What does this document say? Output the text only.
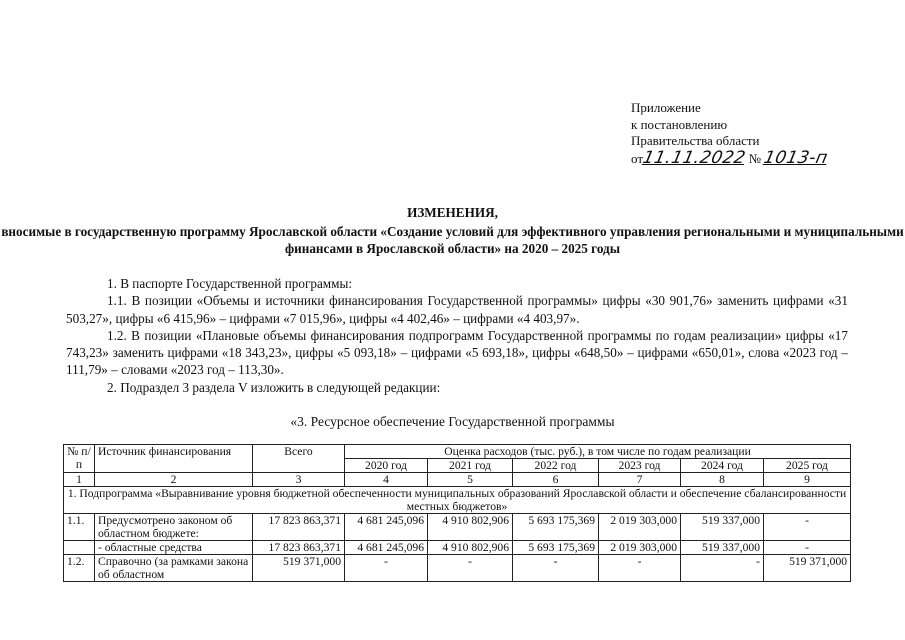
Приложение
к постановлению
Правительства области
от11.11.2022 № 1013-п
ИЗМЕНЕНИЯ,
вносимые в государственную программу Ярославской области «Создание условий для эффективного управления региональными и муниципальными финансами в Ярославской области» на 2020 – 2025 годы

1. В паспорте Государственной программы:

1.1. В позиции «Объемы и источники финансирования Государственной программы» цифры «30 901,76» заменить цифрами «31 503,27», цифры «6 415,96» – цифрами «7 015,96», цифры «4 402,46» – цифрами «4 403,97».

1.2. В позиции «Плановые объемы финансирования подпрограмм Государственной программы по годам реализации» цифры «17 743,23» заменить цифрами «18 343,23», цифры «5 093,18» – цифрами «5 693,18», цифры «648,50» – цифрами «650,01», слова «2023 год – 111,79» – словами «2023 год – 113,30».

2. Подраздел 3 раздела V изложить в следующей редакции:

«3. Ресурсное обеспечение Государственной программы
№ п/п	Источник финансирования	Всего	Оценка расходов (тыс. руб.), в том числе по годам реализации					
			2020 год	2021 год	2022 год	2023 год	2024 год	2025 год
1	2	3	4	5	6	7	8	9
1. Подпрограмма «Выравнивание уровня бюджетной обеспеченности муниципальных образований Ярославской области и обеспечение сбалансированности местных бюджетов»								
1.1.	Предусмотрено законом об областном бюджете:	17 823 863,371	4 681 245,096	4 910 802,906	5 693 175,369	2 019 303,000	519 337,000	-
	- областные средства	17 823 863,371	4 681 245,096	4 910 802,906	5 693 175,369	2 019 303,000	519 337,000	-
1.2.	Справочно (за рамками закона об областном	519 371,000	-	-	-	-	-	519 371,000
